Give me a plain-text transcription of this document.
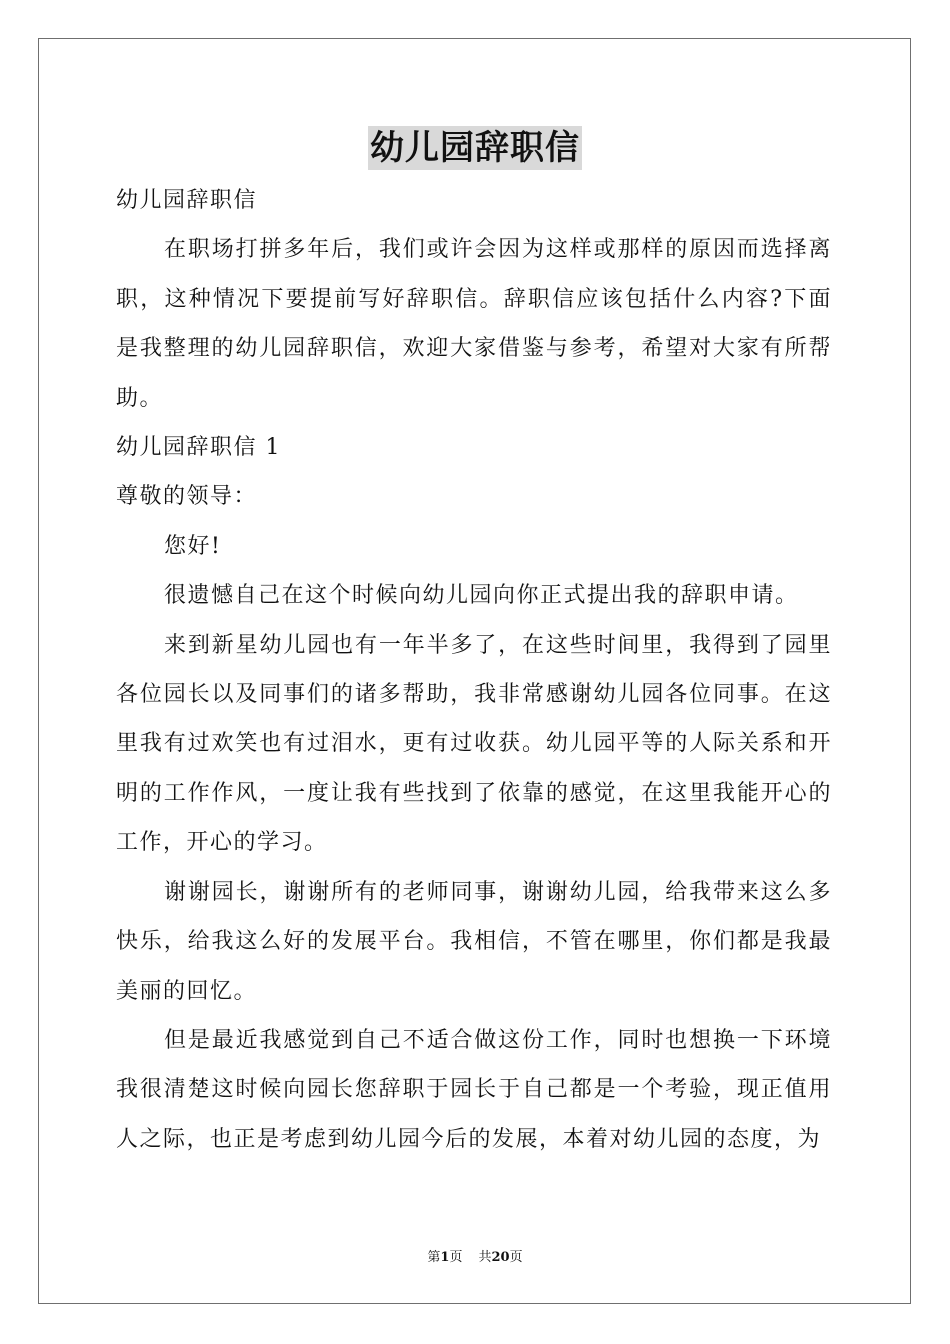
幼儿园辞职信

幼儿园辞职信

在职场打拼多年后，我们或许会因为这样或那样的原因而选择离职，这种情况下要提前写好辞职信。辞职信应该包括什么内容?下面是我整理的幼儿园辞职信，欢迎大家借鉴与参考，希望对大家有所帮助。

幼儿园辞职信 1

尊敬的领导：

您好!

很遗憾自己在这个时候向幼儿园向你正式提出我的辞职申请。

来到新星幼儿园也有一年半多了，在这些时间里，我得到了园里各位园长以及同事们的诸多帮助，我非常感谢幼儿园各位同事。在这里我有过欢笑也有过泪水，更有过收获。幼儿园平等的人际关系和开明的工作作风，一度让我有些找到了依靠的感觉，在这里我能开心的工作，开心的学习。

谢谢园长，谢谢所有的老师同事，谢谢幼儿园，给我带来这么多快乐，给我这么好的发展平台。我相信，不管在哪里，你们都是我最美丽的回忆。

但是最近我感觉到自己不适合做这份工作，同时也想换一下环境我很清楚这时候向园长您辞职于园长于自己都是一个考验，现正值用人之际，也正是考虑到幼儿园今后的发展，本着对幼儿园的态度，为

第1页 共20页
